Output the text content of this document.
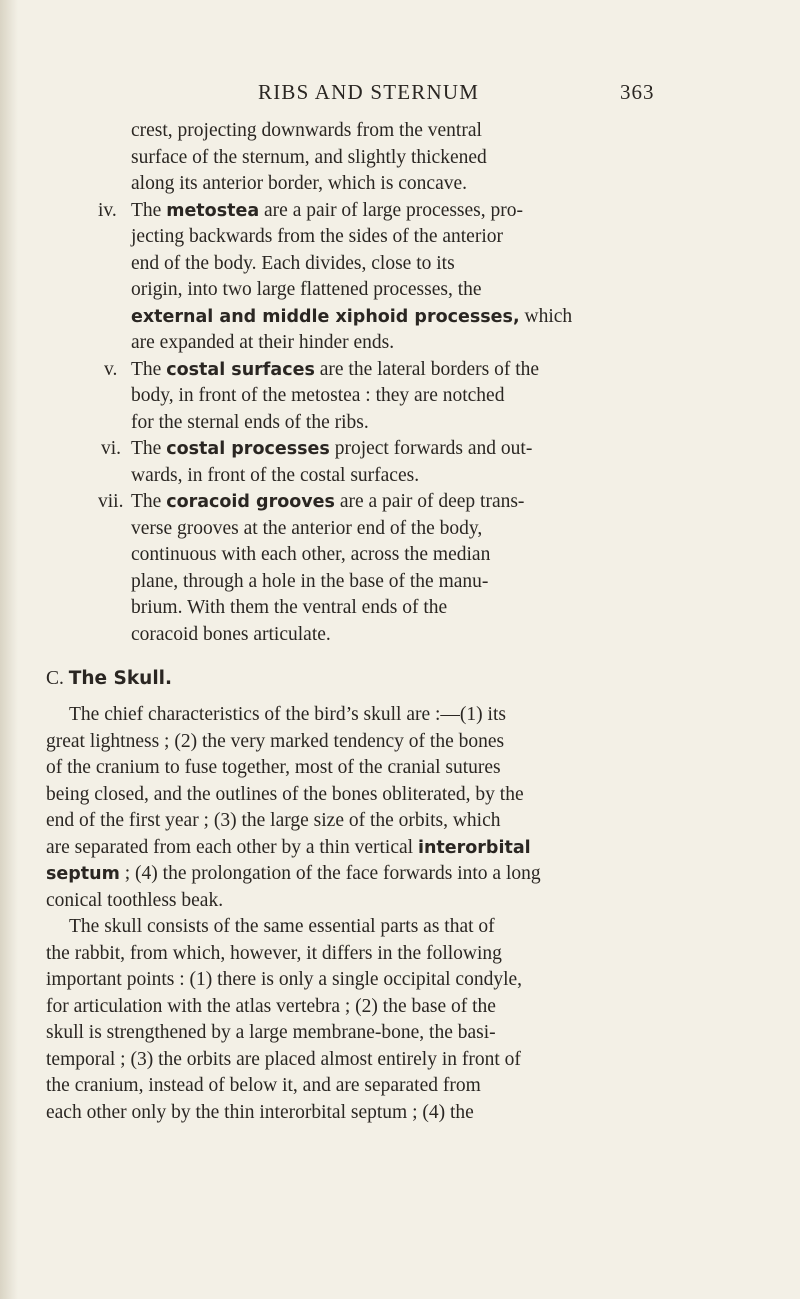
RIBS AND STERNUM	363
crest, projecting downwards from the ventral
surface of the sternum, and slightly thickened
along its anterior border, which is concave.
iv. The metostea are a pair of large processes, pro-
jecting backwards from the sides of the anterior
end of the body. Each divides, close to its
origin, into two large flattened processes, the
external and middle xiphoid processes, which
are expanded at their hinder ends.
v. The costal surfaces are the lateral borders of the
body, in front of the metostea : they are notched
for the sternal ends of the ribs.
vi. The costal processes project forwards and out-
wards, in front of the costal surfaces.
vii. The coracoid grooves are a pair of deep trans-
verse grooves at the anterior end of the body,
continuous with each other, across the median
plane, through a hole in the base of the manu-
brium. With them the ventral ends of the
coracoid bones articulate.
C. The Skull.
The chief characteristics of the bird’s skull are :—(1) its
great lightness ; (2) the very marked tendency of the bones
of the cranium to fuse together, most of the cranial sutures
being closed, and the outlines of the bones obliterated, by the
end of the first year ; (3) the large size of the orbits, which
are separated from each other by a thin vertical interorbital
septum ; (4) the prolongation of the face forwards into a long
conical toothless beak.
The skull consists of the same essential parts as that of
the rabbit, from which, however, it differs in the following
important points : (1) there is only a single occipital condyle,
for articulation with the atlas vertebra ; (2) the base of the
skull is strengthened by a large membrane-bone, the basi-
temporal ; (3) the orbits are placed almost entirely in front of
the cranium, instead of below it, and are separated from
each other only by the thin interorbital septum ; (4) the
